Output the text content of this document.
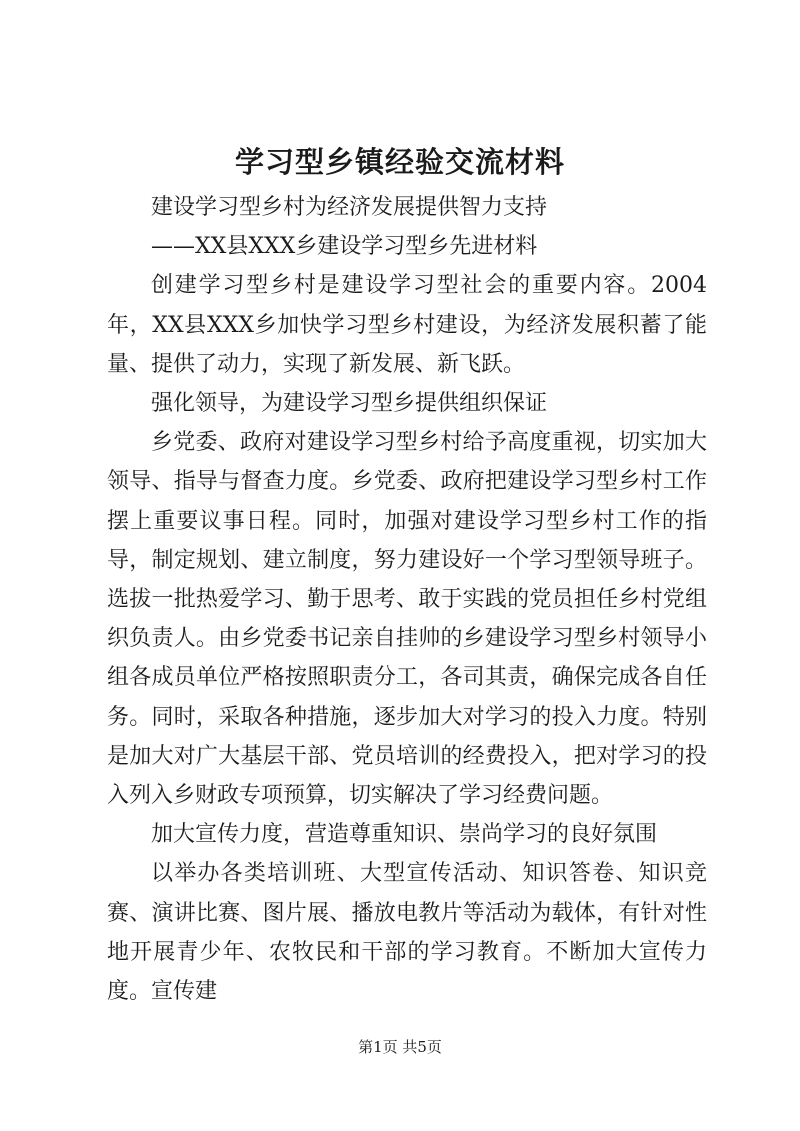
学习型乡镇经验交流材料

建设学习型乡村为经济发展提供智力支持

——XX县XXX乡建设学习型乡先进材料

创建学习型乡村是建设学习型社会的重要内容。2004年，XX县XXX乡加快学习型乡村建设，为经济发展积蓄了能量、提供了动力，实现了新发展、新飞跃。

强化领导，为建设学习型乡提供组织保证

乡党委、政府对建设学习型乡村给予高度重视，切实加大领导、指导与督查力度。乡党委、政府把建设学习型乡村工作摆上重要议事日程。同时，加强对建设学习型乡村工作的指导，制定规划、建立制度，努力建设好一个学习型领导班子。选拔一批热爱学习、勤于思考、敢于实践的党员担任乡村党组织负责人。由乡党委书记亲自挂帅的乡建设学习型乡村领导小组各成员单位严格按照职责分工，各司其责，确保完成各自任务。同时，采取各种措施，逐步加大对学习的投入力度。特别是加大对广大基层干部、党员培训的经费投入，把对学习的投入列入乡财政专项预算，切实解决了学习经费问题。

加大宣传力度，营造尊重知识、崇尚学习的良好氛围

以举办各类培训班、大型宣传活动、知识答卷、知识竞赛、演讲比赛、图片展、播放电教片等活动为载体，有针对性地开展青少年、农牧民和干部的学习教育。不断加大宣传力度。宣传建

第1页 共5页
